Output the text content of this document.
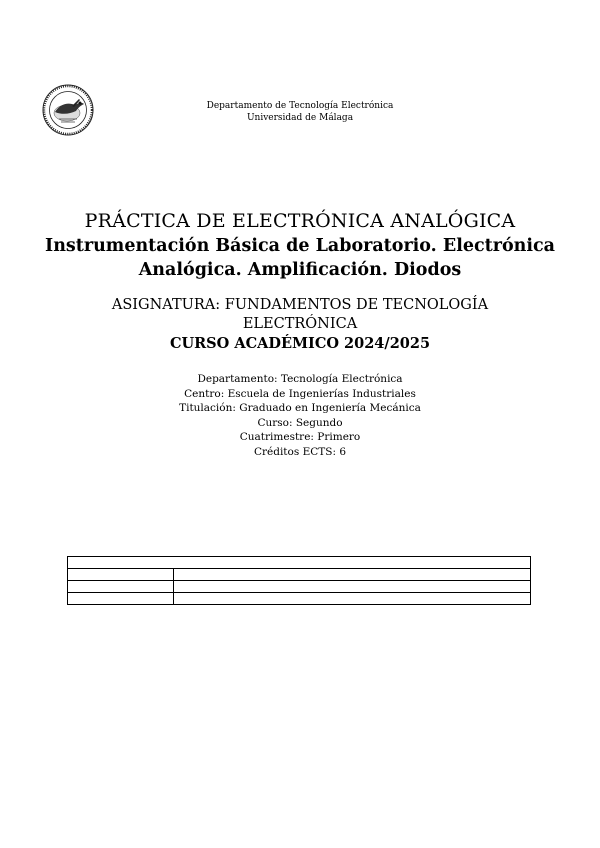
Departamento de Tecnología Electrónica
Universidad de Málaga
PRÁCTICA DE ELECTRÓNICA ANALÓGICA
Instrumentación Básica de Laboratorio. Electrónica
Analógica. Amplificación. Diodos
ASIGNATURA: FUNDAMENTOS DE TECNOLOGÍA
ELECTRÓNICA
CURSO ACADÉMICO 2024/2025
Departamento: Tecnología Electrónica
Centro: Escuela de Ingenierías Industriales
Titulación: Graduado en Ingeniería Mecánica
Curso: Segundo
Cuatrimestre: Primero
Créditos ECTS: 6
